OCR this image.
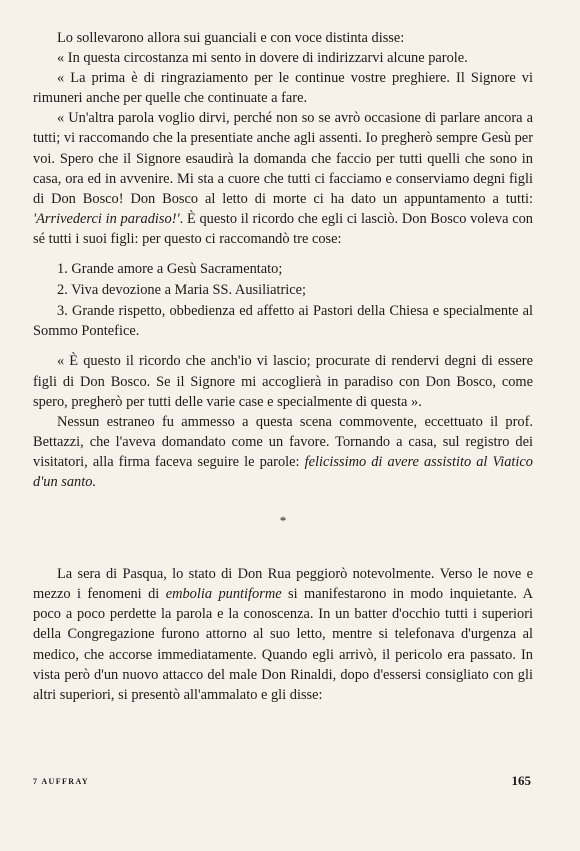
Lo sollevarono allora sui guanciali e con voce distinta disse:

« In questa circostanza mi sento in dovere di indirizzarvi alcune parole.

« La prima è di ringraziamento per le continue vostre preghiere. Il Signore vi rimuneri anche per quelle che continuate a fare.

« Un'altra parola voglio dirvi, perché non so se avrò occasione di parlare ancora a tutti; vi raccomando che la presentiate anche agli assenti. Io pregherò sempre Gesù per voi. Spero che il Signore esaudirà la domanda che faccio per tutti quelli che sono in casa, ora ed in avvenire. Mi sta a cuore che tutti ci facciamo e conserviamo degni figli di Don Bosco! Don Bosco al letto di morte ci ha dato un appuntamento a tutti: 'Arrivederci in paradiso!'. È questo il ricordo che egli ci lasciò. Don Bosco voleva con sé tutti i suoi figli: per questo ci raccomandò tre cose:

1. Grande amore a Gesù Sacramentato;
2. Viva devozione a Maria SS. Ausiliatrice;
3. Grande rispetto, obbedienza ed affetto ai Pastori della Chiesa e specialmente al Sommo Pontefice.

« È questo il ricordo che anch'io vi lascio; procurate di rendervi degni di essere figli di Don Bosco. Se il Signore mi accoglierà in paradiso con Don Bosco, come spero, pregherò per tutti delle varie case e specialmente di questa ».

Nessun estraneo fu ammesso a questa scena commovente, eccettuato il prof. Bettazzi, che l'aveva domandato come un favore. Tornando a casa, sul registro dei visitatori, alla firma faceva seguire le parole: felicissimo di avere assistito al Viatico d'un santo.

*

La sera di Pasqua, lo stato di Don Rua peggiorò notevolmente. Verso le nove e mezzo i fenomeni di embolia puntiforme si manifestarono in modo inquietante. A poco a poco perdette la parola e la conoscenza. In un batter d'occhio tutti i superiori della Congregazione furono attorno al suo letto, mentre si telefonava d'urgenza al medico, che accorse immediatamente. Quando egli arrivò, il pericolo era passato. In vista però d'un nuovo attacco del male Don Rinaldi, dopo d'essersi consigliato con gli altri superiori, si presentò all'ammalato e gli disse:

7 AUFFRAY	165
